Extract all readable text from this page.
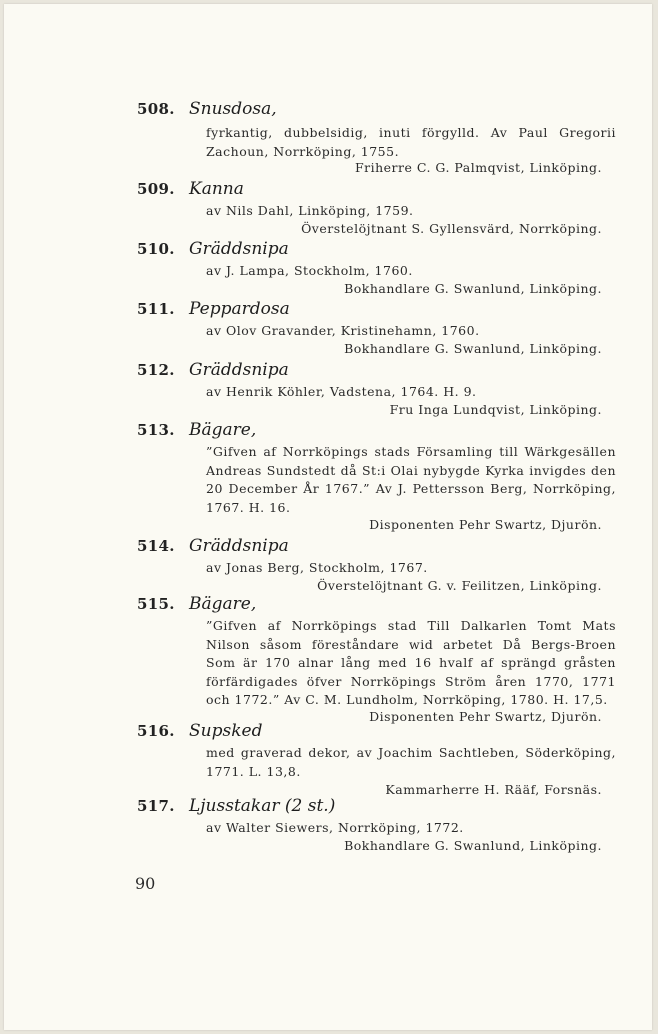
508. Snusdosa,
fyrkantig, dubbelsidig, inuti förgylld. Av Paul Gregorii Zachoun, Norrköping, 1755.
Friherre C. G. Palmqvist, Linköping.
509. Kanna
av Nils Dahl, Linköping, 1759.
Överstelöjtnant S. Gyllensvärd, Norrköping.
510. Gräddsnipa
av J. Lampa, Stockholm, 1760.
Bokhandlare G. Swanlund, Linköping.
511. Peppardosa
av Olov Gravander, Kristinehamn, 1760.
Bokhandlare G. Swanlund, Linköping.
512. Gräddsnipa
av Henrik Köhler, Vadstena, 1764. H. 9.
Fru Inga Lundqvist, Linköping.
513. Bägare,
”Gifven af Norrköpings stads Församling till Wärkgesällen Andreas Sundstedt då St:i Olai nybygde Kyrka invigdes den 20 December År 1767.” Av J. Pettersson Berg, Norrköping, 1767. H. 16.
Disponenten Pehr Swartz, Djurön.
514. Gräddsnipa
av Jonas Berg, Stockholm, 1767.
Överstelöjtnant G. v. Feilitzen, Linköping.
515. Bägare,
”Gifven af Norrköpings stad Till Dalkarlen Tomt Mats Nilson såsom föreståndare wid arbetet Då Bergs-Broen Som är 170 alnar lång med 16 hvalf af sprängd gråsten förfärdigades öfver Norrköpings Ström åren 1770, 1771 och 1772.” Av C. M. Lundholm, Norrköping, 1780. H. 17,5.
Disponenten Pehr Swartz, Djurön.
516. Supsked
med graverad dekor, av Joachim Sachtleben, Söderköping, 1771. L. 13,8.
Kammarherre H. Rääf, Forsnäs.
517. Ljusstakar (2 st.)
av Walter Siewers, Norrköping, 1772.
Bokhandlare G. Swanlund, Linköping.
90
